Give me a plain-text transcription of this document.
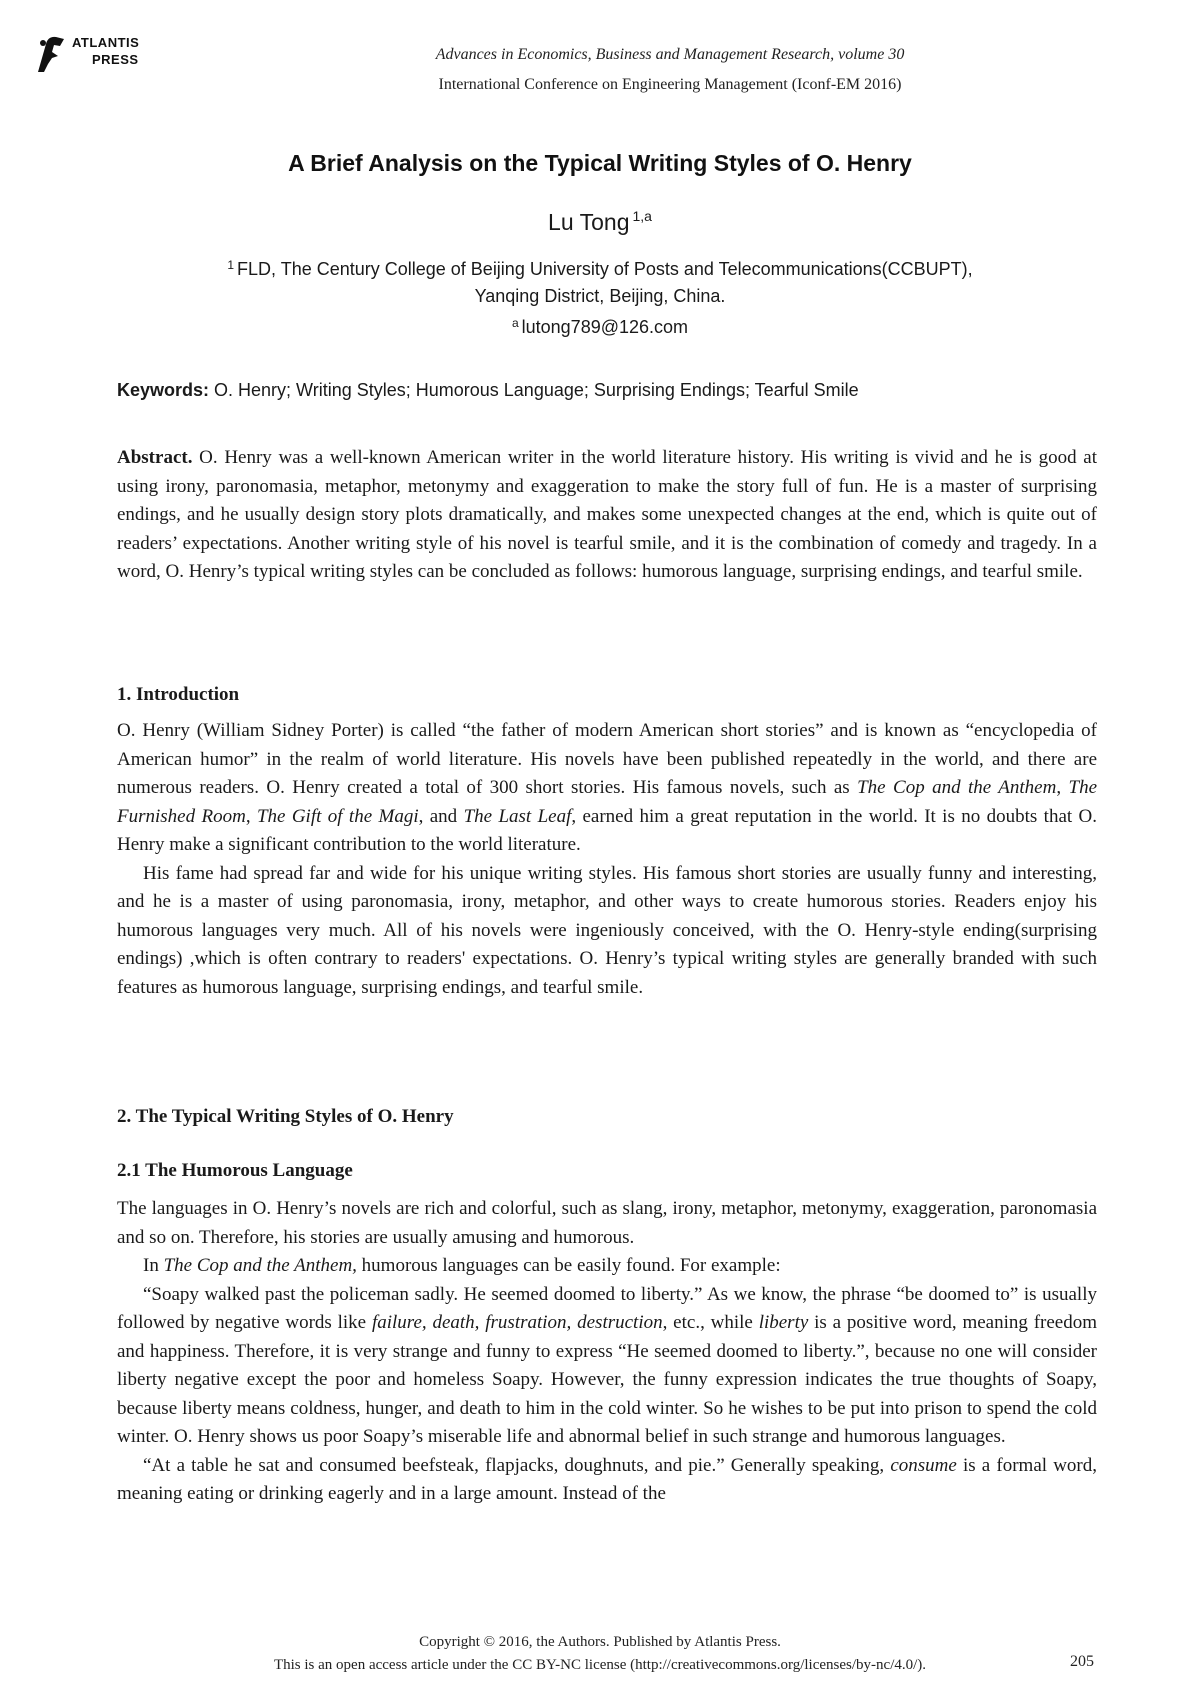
ATLANTIS
PRESS	Advances in Economics, Business and Management Research, volume 30
International Conference on Engineering Management (Iconf-EM 2016)
A Brief Analysis on the Typical Writing Styles of O. Henry
Lu Tong $^{1,a}$
$^1$ FLD, The Century College of Beijing University of Posts and Telecommunications(CCBUPT),
Yanqing District, Beijing, China.
$^a$ lutong789@126.com
Keywords: O. Henry; Writing Styles; Humorous Language; Surprising Endings; Tearful Smile

Abstract. O. Henry was a well-known American writer in the world literature history. His writing is vivid and he is good at using irony, paronomasia, metaphor, metonymy and exaggeration to make the story full of fun. He is a master of surprising endings, and he usually design story plots dramatically, and makes some unexpected changes at the end, which is quite out of readers’ expectations. Another writing style of his novel is tearful smile, and it is the combination of comedy and tragedy. In a word, O. Henry’s typical writing styles can be concluded as follows: humorous language, surprising endings, and tearful smile.

1. Introduction

O. Henry (William Sidney Porter) is called “the father of modern American short stories” and is known as “encyclopedia of American humor” in the realm of world literature. His novels have been published repeatedly in the world, and there are numerous readers. O. Henry created a total of 300 short stories. His famous novels, such as The Cop and the Anthem, The Furnished Room, The Gift of the Magi, and The Last Leaf, earned him a great reputation in the world. It is no doubts that O. Henry make a significant contribution to the world literature.

His fame had spread far and wide for his unique writing styles. His famous short stories are usually funny and interesting, and he is a master of using paronomasia, irony, metaphor, and other ways to create humorous stories. Readers enjoy his humorous languages very much. All of his novels were ingeniously conceived, with the O. Henry-style ending(surprising endings) ,which is often contrary to readers' expectations. O. Henry’s typical writing styles are generally branded with such features as humorous language, surprising endings, and tearful smile.

2. The Typical Writing Styles of O. Henry
2.1 The Humorous Language

The languages in O. Henry’s novels are rich and colorful, such as slang, irony, metaphor, metonymy, exaggeration, paronomasia and so on. Therefore, his stories are usually amusing and humorous.

In The Cop and the Anthem, humorous languages can be easily found. For example:

“Soapy walked past the policeman sadly. He seemed doomed to liberty.” As we know, the phrase “be doomed to” is usually followed by negative words like failure, death, frustration, destruction, etc., while liberty is a positive word, meaning freedom and happiness. Therefore, it is very strange and funny to express “He seemed doomed to liberty.”, because no one will consider liberty negative except the poor and homeless Soapy. However, the funny expression indicates the true thoughts of Soapy, because liberty means coldness, hunger, and death to him in the cold winter. So he wishes to be put into prison to spend the cold winter. O. Henry shows us poor Soapy’s miserable life and abnormal belief in such strange and humorous languages.

“At a table he sat and consumed beefsteak, flapjacks, doughnuts, and pie.” Generally speaking, consume is a formal word, meaning eating or drinking eagerly and in a large amount. Instead of the

Copyright © 2016, the Authors. Published by Atlantis Press.
This is an open access article under the CC BY-NC license (http://creativecommons.org/licenses/by-nc/4.0/).	205
